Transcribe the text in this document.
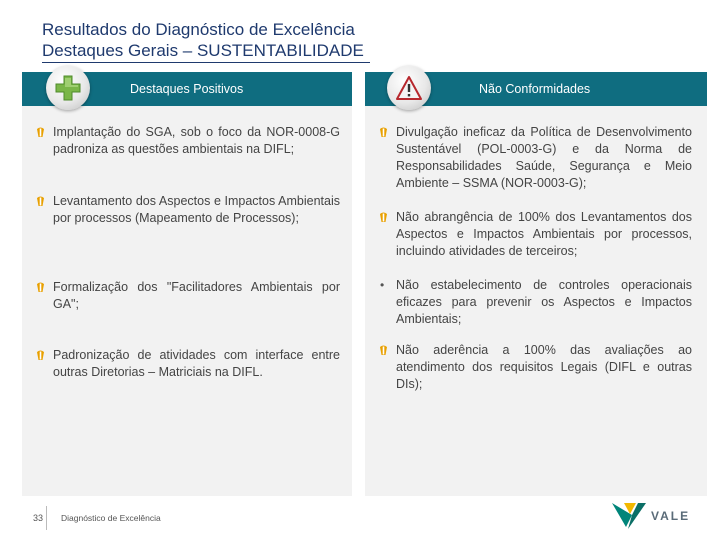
Resultados do Diagnóstico de Excelência
Destaques Gerais – SUSTENTABILIDADE
Destaques Positivos
Implantação do SGA, sob o foco da NOR-0008-G padroniza as questões ambientais na DIFL;
Levantamento dos Aspectos e Impactos Ambientais por processos (Mapeamento de Processos);
Formalização dos "Facilitadores Ambientais por GA";
Padronização de atividades com interface entre outras Diretorias – Matriciais na DIFL.
Não Conformidades
Divulgação ineficaz da Política de Desenvolvimento Sustentável (POL-0003-G) e da Norma de Responsabilidades Saúde, Segurança e Meio Ambiente – SSMA (NOR-0003-G);
Não abrangência de 100% dos Levantamentos dos Aspectos e Impactos Ambientais por processos, incluindo atividades de terceiros;
• Não estabelecimento de controles operacionais eficazes para prevenir os Aspectos e Impactos Ambientais;
Não aderência a 100% das avaliações ao atendimento dos requisitos Legais (DIFL e outras DIs);
33 Diagnóstico de Excelência	VALE
